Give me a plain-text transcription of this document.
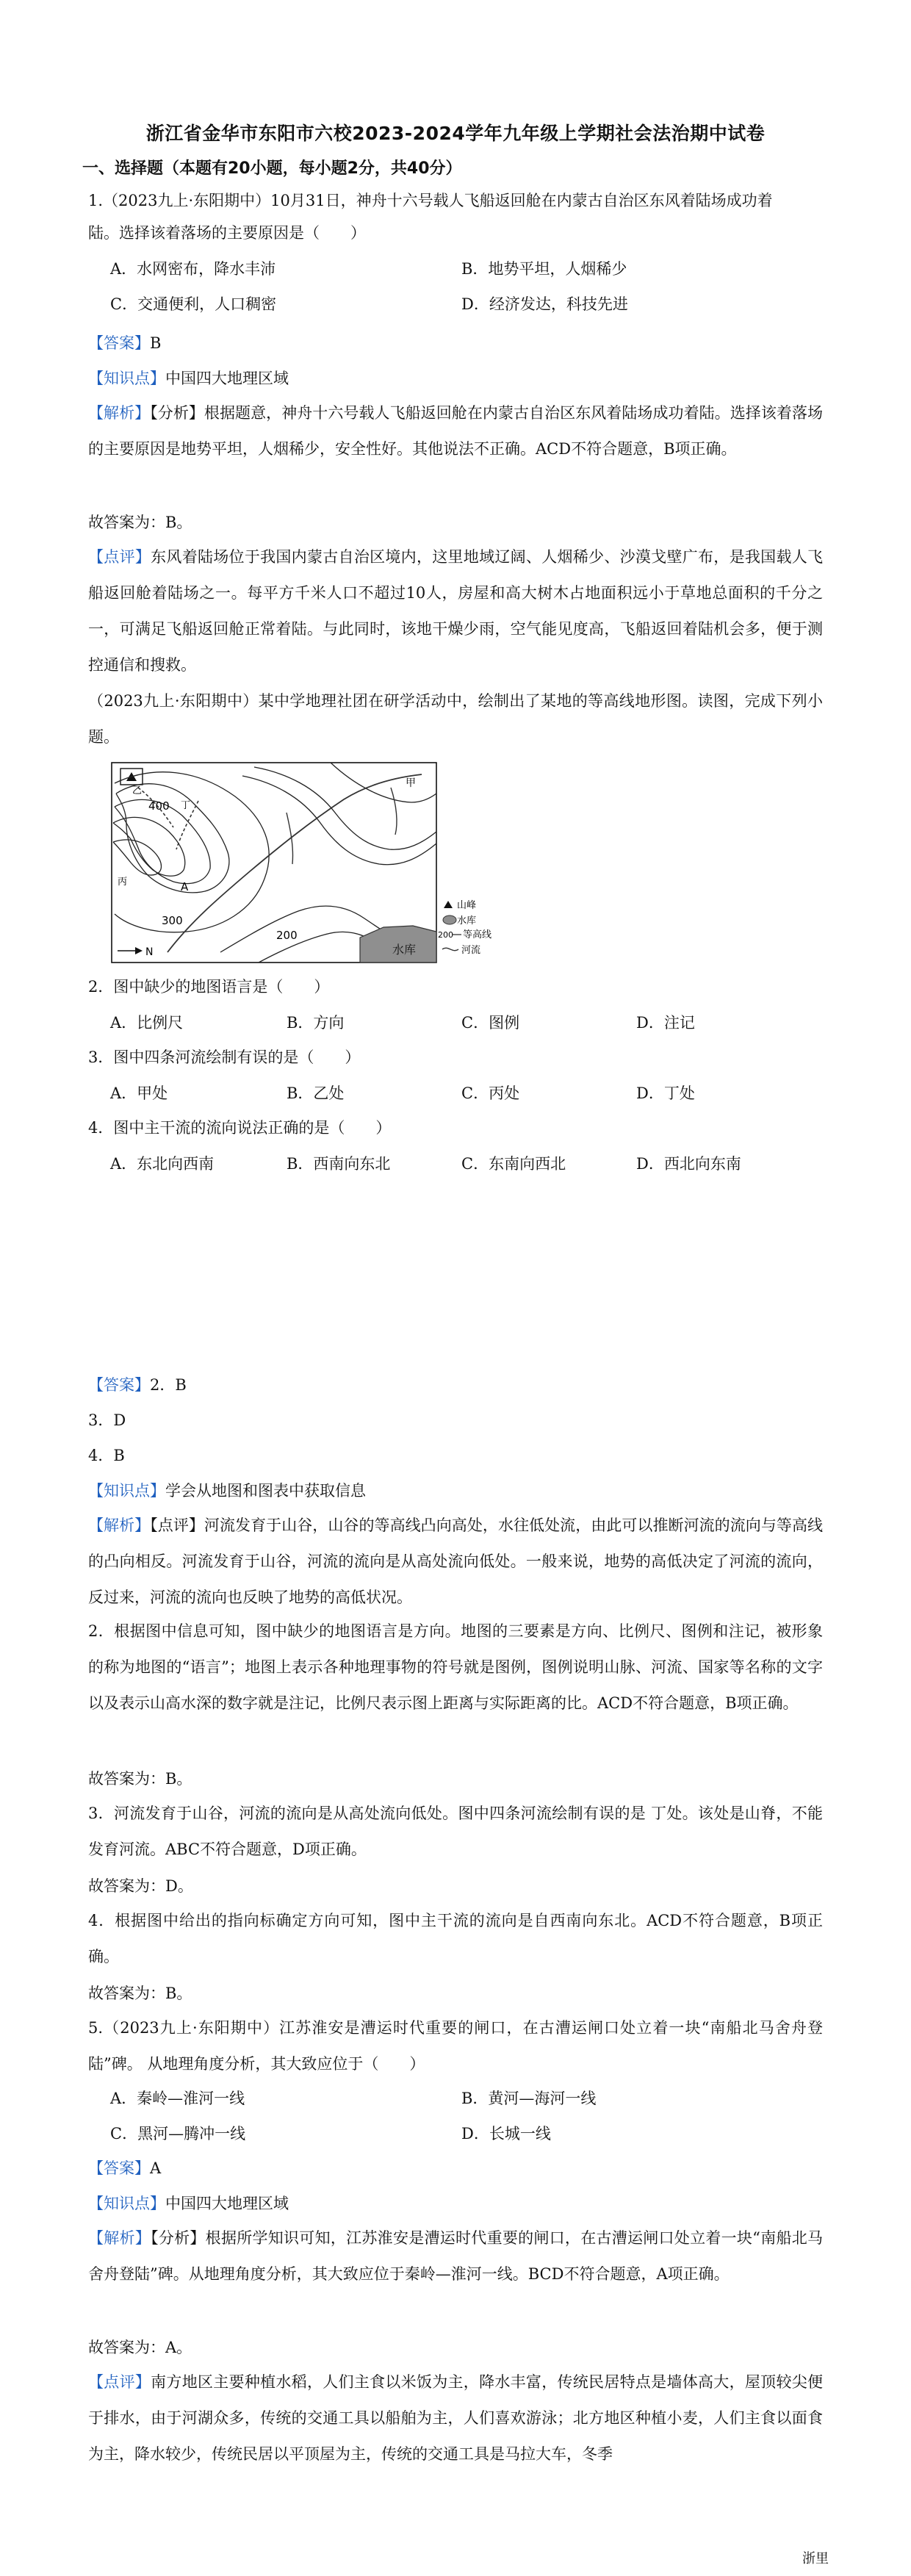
浙江省金华市东阳市六校2023-2024学年九年级上学期社会法治期中试卷
一、选择题（本题有20小题，每小题2分，共40分）
1.（2023九上·东阳期中）10月31日，神舟十六号载人飞船返回舱在内蒙古自治区东风着陆场成功着
陆。选择该着落场的主要原因是（　　）
A．水网密布，降水丰沛	B．地势平坦，人烟稀少
C．交通便利，人口稠密	D．经济发达，科技先进
【答案】B
【知识点】中国四大地理区域
【解析】【分析】根据题意，神舟十六号载人飞船返回舱在内蒙古自治区东风着陆场成功着陆。选择该着落场的主要原因是地势平坦，人烟稀少，安全性好。其他说法不正确。ACD不符合题意，B项正确。
故答案为：B。
【点评】东风着陆场位于我国内蒙古自治区境内，这里地域辽阔、人烟稀少、沙漠戈壁广布，是我国载人飞船返回舱着陆场之一。每平方千米人口不超过10人，房屋和高大树木占地面积远小于草地总面积的千分之一，可满足飞船返回舱正常着陆。与此同时，该地干燥少雨，空气能见度高，飞船返回着陆机会多，便于测控通信和搜救。
（2023九上·东阳期中）某中学地理社团在研学活动中，绘制出了某地的等高线地形图。读图，完成下列小题。
水库
400
300
200
甲
乙
丙
丁
A
N
山峰
水库
200 等高线
河流
2．图中缺少的地图语言是（　　）
A．比例尺	B．方向	C．图例	D．注记
3．图中四条河流绘制有误的是（　　）
A．甲处	B．乙处	C．丙处	D．丁处
4．图中主干流的流向说法正确的是（　　）
A．东北向西南	B．西南向东北	C．东南向西北	D．西北向东南
【答案】2．B
3．D
4．B
【知识点】学会从地图和图表中获取信息
【解析】【点评】河流发育于山谷，山谷的等高线凸向高处，水往低处流，由此可以推断河流的流向与等高线的凸向相反。河流发育于山谷，河流的流向是从高处流向低处。一般来说，地势的高低决定了河流的流向，反过来，河流的流向也反映了地势的高低状况。
2．根据图中信息可知，图中缺少的地图语言是方向。地图的三要素是方向、比例尺、图例和注记，被形象的称为地图的“语言”；地图上表示各种地理事物的符号就是图例，图例说明山脉、河流、国家等名称的文字以及表示山高水深的数字就是注记，比例尺表示图上距离与实际距离的比。ACD不符合题意，B项正确。
故答案为：B。
3．河流发育于山谷，河流的流向是从高处流向低处。图中四条河流绘制有误的是 丁处。该处是山脊，不能发育河流。ABC不符合题意，D项正确。
故答案为：D。
4．根据图中给出的指向标确定方向可知，图中主干流的流向是自西南向东北。ACD不符合题意，B项正确。
故答案为：B。
5.（2023九上·东阳期中）江苏淮安是漕运时代重要的闸口，在古漕运闸口处立着一块“南船北马舍舟登陆”碑。 从地理角度分析，其大致应位于（　　）
A．秦岭—淮河一线	B．黄河—海河一线
C．黑河—腾冲一线	D．长城一线
【答案】A
【知识点】中国四大地理区域
【解析】【分析】根据所学知识可知，江苏淮安是漕运时代重要的闸口，在古漕运闸口处立着一块“南船北马舍舟登陆”碑。从地理角度分析，其大致应位于秦岭—淮河一线。BCD不符合题意，A项正确。
故答案为：A。
【点评】南方地区主要种植水稻，人们主食以米饭为主，降水丰富，传统民居特点是墙体高大，屋顶较尖便于排水，由于河湖众多，传统的交通工具以船舶为主，人们喜欢游泳；北方地区种植小麦，人们主食以面食为主，降水较少，传统民居以平顶屋为主，传统的交通工具是马拉大车，冬季
浙里
